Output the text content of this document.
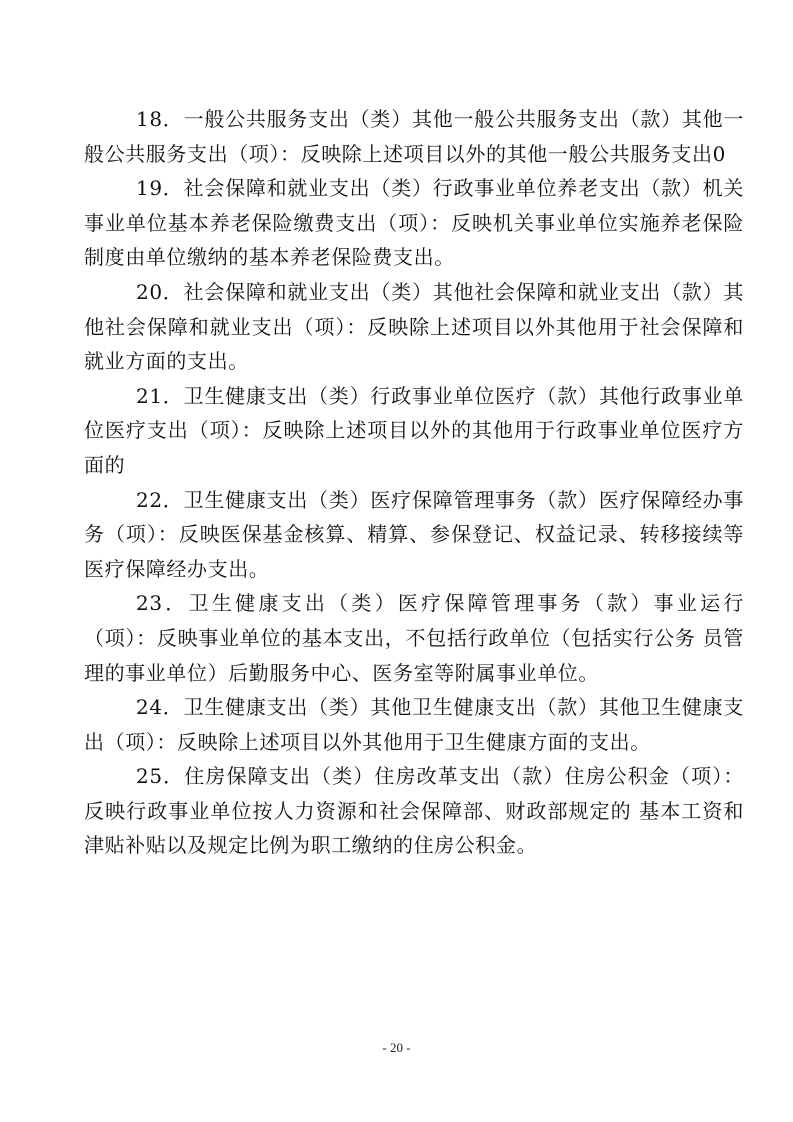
18．一般公共服务支出（类）其他一般公共服务支出（款）其他一般公共服务支出（项）：反映除上述项目以外的其他一般公共服务支出0

19．社会保障和就业支出（类）行政事业单位养老支出（款）机关事业单位基本养老保险缴费支出（项）：反映机关事业单位实施养老保险制度由单位缴纳的基本养老保险费支出。

20．社会保障和就业支出（类）其他社会保障和就业支出（款）其他社会保障和就业支出（项）：反映除上述项目以外其他用于社会保障和就业方面的支出。

21．卫生健康支出（类）行政事业单位医疗（款）其他行政事业单位医疗支出（项）：反映除上述项目以外的其他用于行政事业单位医疗方面的

22．卫生健康支出（类）医疗保障管理事务（款）医疗保障经办事务（项）：反映医保基金核算、精算、参保登记、权益记录、转移接续等医疗保障经办支出。

23．卫生健康支出（类）医疗保障管理事务（款）事业运行（项）：反映事业单位的基本支出，不包括行政单位（包括实行公务 员管理的事业单位）后勤服务中心、医务室等附属事业单位。

24．卫生健康支出（类）其他卫生健康支出（款）其他卫生健康支出（项）：反映除上述项目以外其他用于卫生健康方面的支出。

25．住房保障支出（类）住房改革支出（款）住房公积金（项）：反映行政事业单位按人力资源和社会保障部、财政部规定的 基本工资和津贴补贴以及规定比例为职工缴纳的住房公积金。

- 20 -
